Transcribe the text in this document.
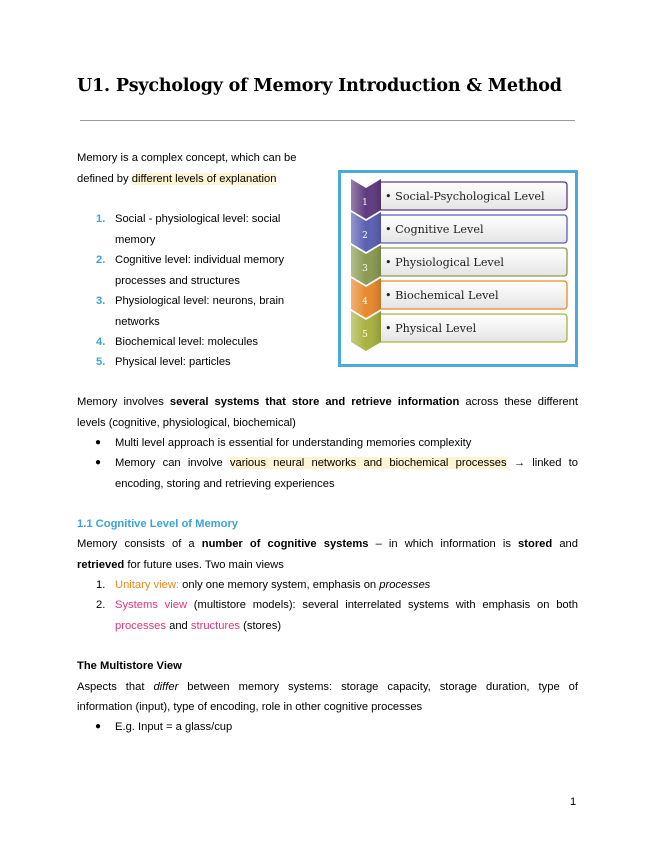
U1. Psychology of Memory Introduction & Method
Memory is a complex concept, which can be
defined by different levels of explanation
1. Social - physiological level: social
memory
2. Cognitive level: individual memory
processes and structures
3. Physiological level: neurons, brain
networks
4. Biochemical level: molecules
5. Physical level: particles
1 • Social-Psychological Level
2 • Cognitive Level
3 • Physiological Level
4 • Biochemical Level
5 • Physical Level
Memory involves several systems that store and retrieve information across these different
levels (cognitive, physiological, biochemical)
● Multi level approach is essential for understanding memories complexity
● Memory can involve various neural networks and biochemical processes → linked to
encoding, storing and retrieving experiences
1.1 Cognitive Level of Memory
Memory consists of a number of cognitive systems – in which information is stored and
retrieved for future uses. Two main views
1. Unitary view: only one memory system, emphasis on processes
2. Systems view (multistore models): several interrelated systems with emphasis on both
processes and structures (stores)
The Multistore View
Aspects that differ between memory systems: storage capacity, storage duration, type of
information (input), type of encoding, role in other cognitive processes
● E.g. Input = a glass/cup
1
